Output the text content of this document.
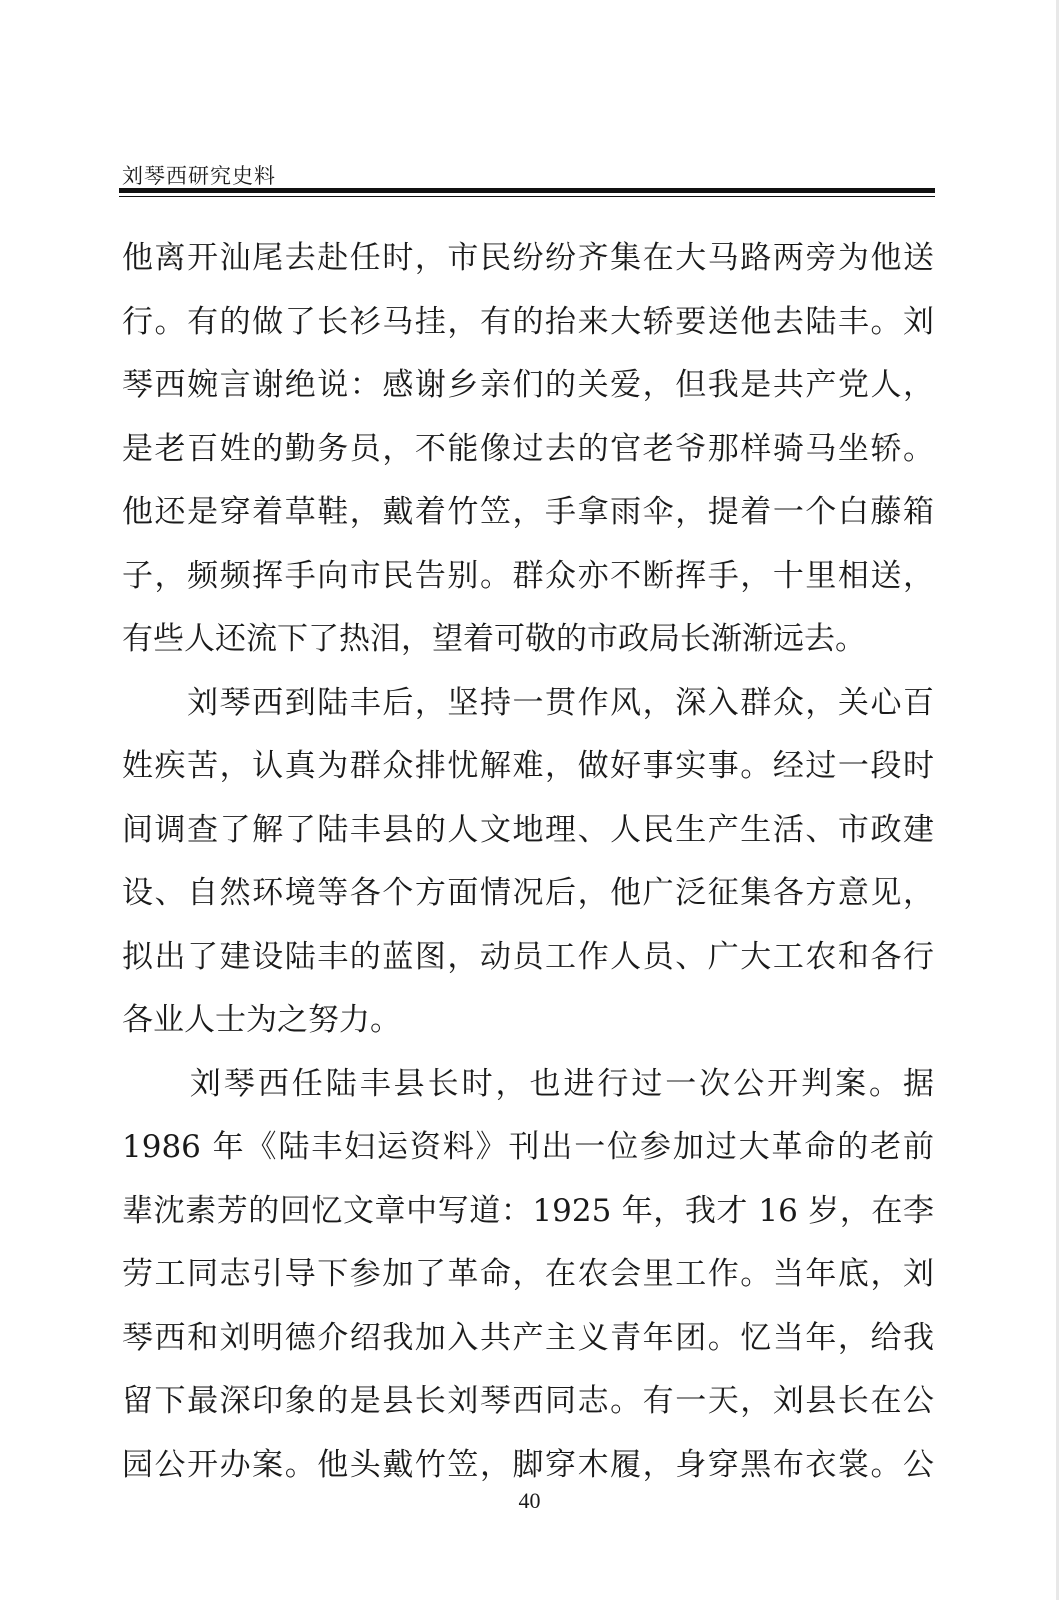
刘琴西研究史料
他离开汕尾去赴任时，市民纷纷齐集在大马路两旁为他送
行。有的做了长衫马挂，有的抬来大轿要送他去陆丰。刘
琴西婉言谢绝说：感谢乡亲们的关爱，但我是共产党人，
是老百姓的勤务员，不能像过去的官老爷那样骑马坐轿。
他还是穿着草鞋，戴着竹笠，手拿雨伞，提着一个白藤箱
子，频频挥手向市民告别。群众亦不断挥手，十里相送，
有些人还流下了热泪，望着可敬的市政局长渐渐远去。
　　刘琴西到陆丰后，坚持一贯作风，深入群众，关心百
姓疾苦，认真为群众排忧解难，做好事实事。经过一段时
间调查了解了陆丰县的人文地理、人民生产生活、市政建
设、自然环境等各个方面情况后，他广泛征集各方意见，
拟出了建设陆丰的蓝图，动员工作人员、广大工农和各行
各业人士为之努力。
　　刘琴西任陆丰县长时，也进行过一次公开判案。据
1986 年《陆丰妇运资料》刊出一位参加过大革命的老前
辈沈素芳的回忆文章中写道：1925 年，我才 16 岁，在李
劳工同志引导下参加了革命，在农会里工作。当年底，刘
琴西和刘明德介绍我加入共产主义青年团。忆当年，给我
留下最深印象的是县长刘琴西同志。有一天，刘县长在公
园公开办案。他头戴竹笠，脚穿木履，身穿黑布衣裳。公
40
